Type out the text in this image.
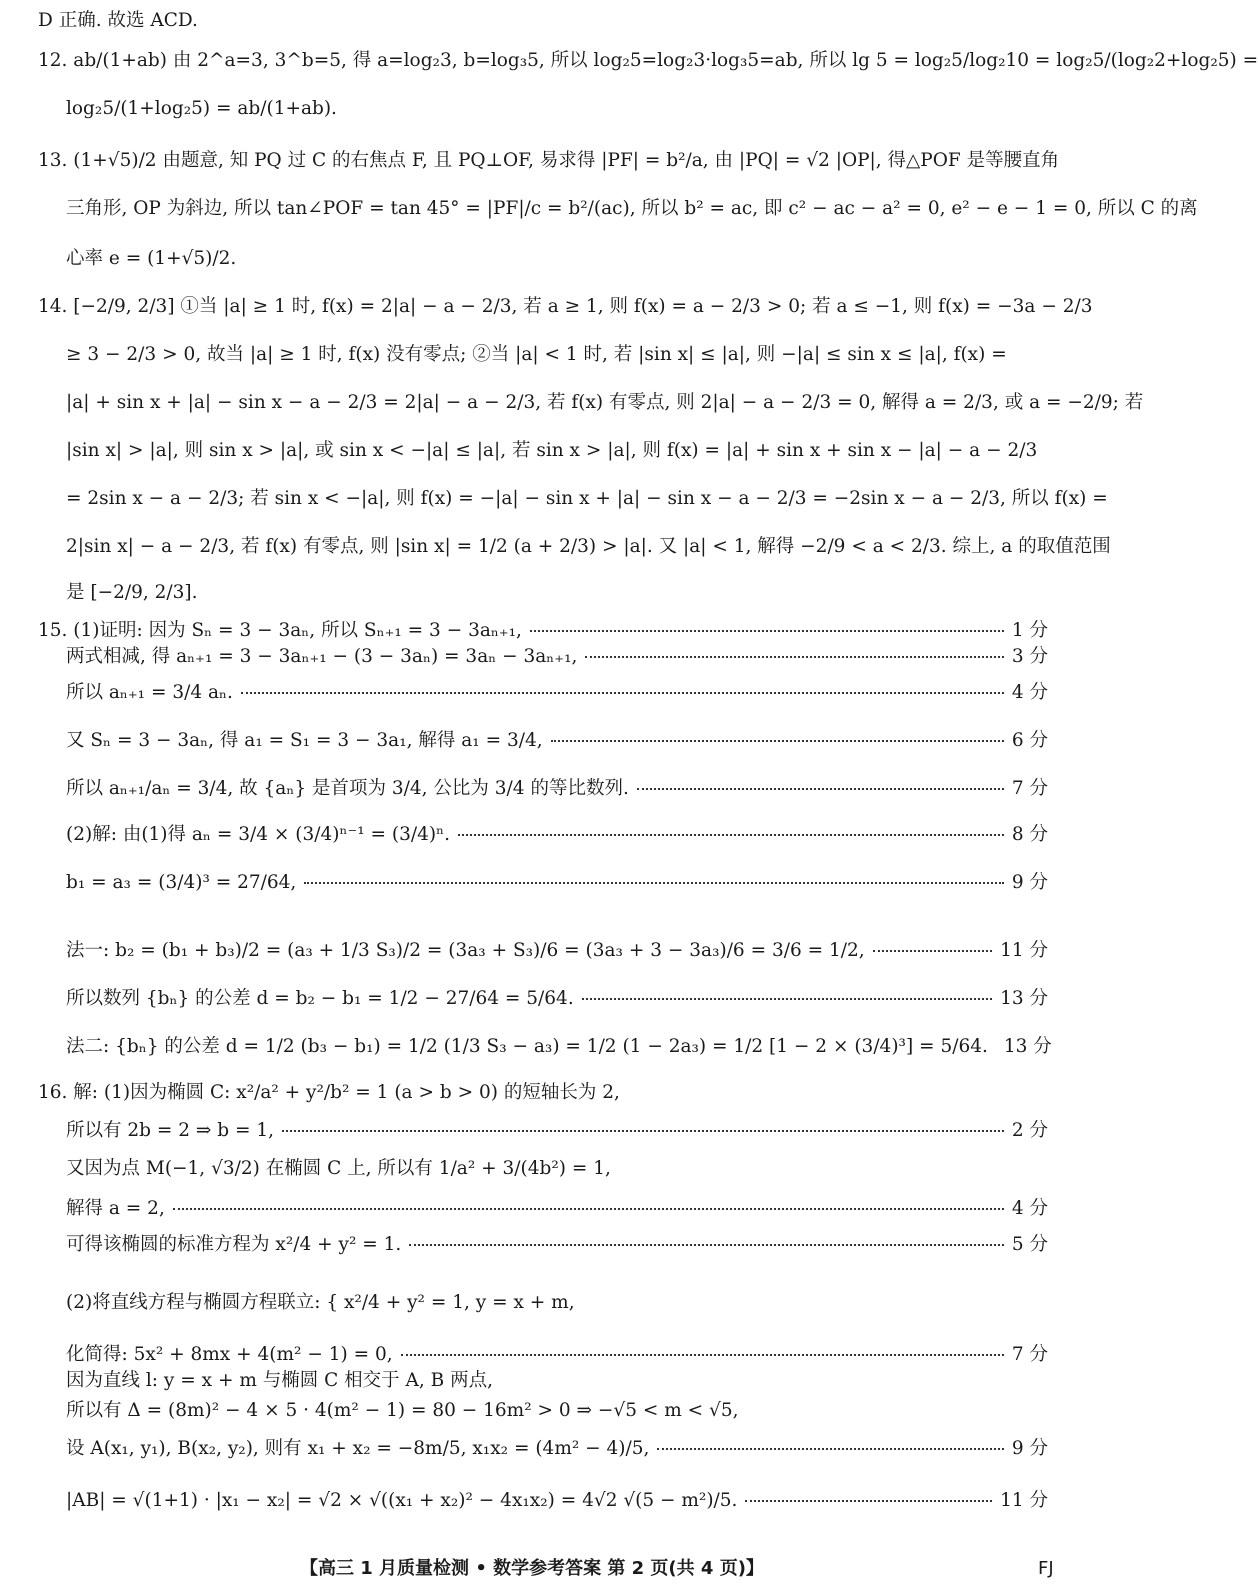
D 正确. 故选 ACD.
12. ab/(1+ab) 由 2^a=3, 3^b=5, 得 a=log₂3, b=log₃5, 所以 log₂5=log₂3·log₃5=ab, 所以 lg 5 = log₂5/log₂10 = log₂5/(log₂2+log₂5) =
log₂5/(1+log₂5) = ab/(1+ab).
13. (1+√5)/2 由题意, 知 PQ 过 C 的右焦点 F, 且 PQ⊥OF, 易求得 |PF| = b²/a, 由 |PQ| = √2 |OP|, 得△POF 是等腰直角
三角形, OP 为斜边, 所以 tan∠POF = tan 45° = |PF|/c = b²/(ac), 所以 b² = ac, 即 c² − ac − a² = 0, e² − e − 1 = 0, 所以 C 的离
心率 e = (1+√5)/2.
14. [−2/9, 2/3] ①当 |a| ≥ 1 时, f(x) = 2|a| − a − 2/3, 若 a ≥ 1, 则 f(x) = a − 2/3 > 0; 若 a ≤ −1, 则 f(x) = −3a − 2/3
≥ 3 − 2/3 > 0, 故当 |a| ≥ 1 时, f(x) 没有零点; ②当 |a| < 1 时, 若 |sin x| ≤ |a|, 则 −|a| ≤ sin x ≤ |a|, f(x) =
|a| + sin x + |a| − sin x − a − 2/3 = 2|a| − a − 2/3, 若 f(x) 有零点, 则 2|a| − a − 2/3 = 0, 解得 a = 2/3, 或 a = −2/9; 若
|sin x| > |a|, 则 sin x > |a|, 或 sin x < −|a| ≤ |a|, 若 sin x > |a|, 则 f(x) = |a| + sin x + sin x − |a| − a − 2/3
= 2sin x − a − 2/3; 若 sin x < −|a|, 则 f(x) = −|a| − sin x + |a| − sin x − a − 2/3 = −2sin x − a − 2/3, 所以 f(x) =
2|sin x| − a − 2/3, 若 f(x) 有零点, 则 |sin x| = 1/2 (a + 2/3) > |a|. 又 |a| < 1, 解得 −2/9 < a < 2/3. 综上, a 的取值范围
是 [−2/9, 2/3].
15. (1)证明: 因为 Sₙ = 3 − 3aₙ, 所以 Sₙ₊₁ = 3 − 3aₙ₊₁,	1 分
两式相减, 得 aₙ₊₁ = 3 − 3aₙ₊₁ − (3 − 3aₙ) = 3aₙ − 3aₙ₊₁,	3 分
所以 aₙ₊₁ = 3/4 aₙ.	4 分
又 Sₙ = 3 − 3aₙ, 得 a₁ = S₁ = 3 − 3a₁, 解得 a₁ = 3/4,	6 分
所以 aₙ₊₁/aₙ = 3/4, 故 {aₙ} 是首项为 3/4, 公比为 3/4 的等比数列.	7 分
(2)解: 由(1)得 aₙ = 3/4 × (3/4)ⁿ⁻¹ = (3/4)ⁿ.	8 分
b₁ = a₃ = (3/4)³ = 27/64,	9 分
法一: b₂ = (b₁ + b₃)/2 = (a₃ + 1/3 S₃)/2 = (3a₃ + S₃)/6 = (3a₃ + 3 − 3a₃)/6 = 3/6 = 1/2,	11 分
所以数列 {bₙ} 的公差 d = b₂ − b₁ = 1/2 − 27/64 = 5/64.	13 分
法二: {bₙ} 的公差 d = 1/2 (b₃ − b₁) = 1/2 (1/3 S₃ − a₃) = 1/2 (1 − 2a₃) = 1/2 [1 − 2 × (3/4)³] = 5/64. 13 分
16. 解: (1)因为椭圆 C: x²/a² + y²/b² = 1 (a > b > 0) 的短轴长为 2,
所以有 2b = 2 ⇒ b = 1,	2 分
又因为点 M(−1, √3/2) 在椭圆 C 上, 所以有 1/a² + 3/(4b²) = 1,
解得 a = 2,	4 分
可得该椭圆的标准方程为 x²/4 + y² = 1.	5 分
(2)将直线方程与椭圆方程联立: { x²/4 + y² = 1, y = x + m,
化简得: 5x² + 8mx + 4(m² − 1) = 0,	7 分
因为直线 l: y = x + m 与椭圆 C 相交于 A, B 两点,
所以有 Δ = (8m)² − 4 × 5 · 4(m² − 1) = 80 − 16m² > 0 ⇒ −√5 < m < √5,
设 A(x₁, y₁), B(x₂, y₂), 则有 x₁ + x₂ = −8m/5, x₁x₂ = (4m² − 4)/5,	9 分
|AB| = √(1+1) · |x₁ − x₂| = √2 × √((x₁ + x₂)² − 4x₁x₂) = 4√2 √(5 − m²)/5.	11 分
【高三 1 月质量检测 • 数学参考答案 第 2 页(共 4 页)】	FJ
